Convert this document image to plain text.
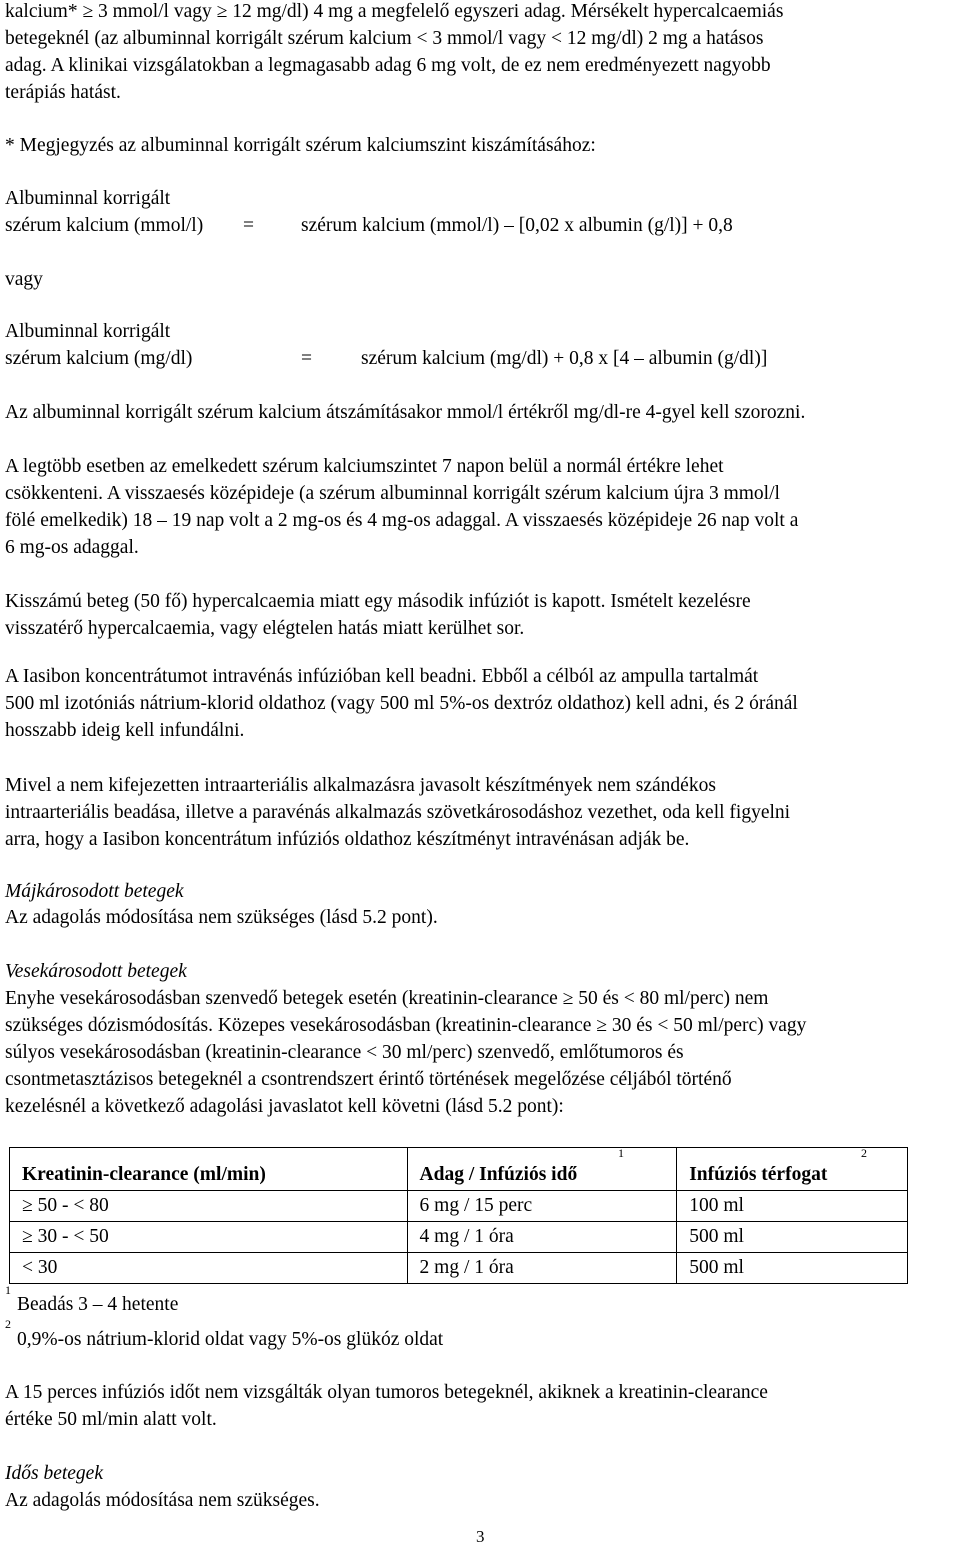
kalcium* ≥ 3 mmol/l vagy ≥ 12 mg/dl) 4 mg a megfelelő egyszeri adag. Mérsékelt hypercalcaemiás
betegeknél (az albuminnal korrigált szérum kalcium < 3 mmol/l vagy < 12 mg/dl) 2 mg a hatásos
adag. A klinikai vizsgálatokban a legmagasabb adag 6 mg volt, de ez nem eredményezett nagyobb
terápiás hatást.
* Megjegyzés az albuminnal korrigált szérum kalciumszint kiszámításához:
Albuminnal korrigált
szérum kalcium (mmol/l) = szérum kalcium (mmol/l) – [0,02 x albumin (g/l)] + 0,8
vagy
Albuminnal korrigált
szérum kalcium (mg/dl)	=	szérum kalcium (mg/dl) + 0,8 x [4 – albumin (g/dl)]
Az albuminnal korrigált szérum kalcium átszámításakor mmol/l értékről mg/dl-re 4-gyel kell szorozni.
A legtöbb esetben az emelkedett szérum kalciumszintet 7 napon belül a normál értékre lehet
csökkenteni. A visszaesés középideje (a szérum albuminnal korrigált szérum kalcium újra 3 mmol/l
fölé emelkedik) 18 – 19 nap volt a 2 mg-os és 4 mg-os adaggal. A visszaesés középideje 26 nap volt a
6 mg-os adaggal.
Kisszámú beteg (50 fő) hypercalcaemia miatt egy második infúziót is kapott. Ismételt kezelésre
visszatérő hypercalcaemia, vagy elégtelen hatás miatt kerülhet sor.
A Iasibon koncentrátumot intravénás infúzióban kell beadni. Ebből a célból az ampulla tartalmát
500 ml izotóniás nátrium-klorid oldathoz (vagy 500 ml 5%-os dextróz oldathoz) kell adni, és 2 óránál
hosszabb ideig kell infundálni.
Mivel a nem kifejezetten intraarteriális alkalmazásra javasolt készítmények nem szándékos
intraarteriális beadása, illetve a paravénás alkalmazás szövetkárosodáshoz vezethet, oda kell figyelni
arra, hogy a Iasibon koncentrátum infúziós oldathoz készítményt intravénásan adják be.
Májkárosodott betegek
Az adagolás módosítása nem szükséges (lásd 5.2 pont).
Vesekárosodott betegek
Enyhe vesekárosodásban szenvedő betegek esetén (kreatinin-clearance ≥ 50 és < 80 ml/perc) nem
szükséges dózismódosítás. Közepes vesekárosodásban (kreatinin-clearance ≥ 30 és < 50 ml/perc) vagy
súlyos vesekárosodásban (kreatinin-clearance < 30 ml/perc) szenvedő, emlőtumoros és
csontmetasztázisos betegeknél a csontrendszert érintő történések megelőzése céljából történő
kezelésnél a következő adagolási javaslatot kell követni (lásd 5.2 pont):
Kreatinin-clearance (ml/min)	Adag / Infúziós idő	Infúziós térfogat
≥ 50 - < 80	6 mg / 15 perc	100 ml
≥ 30 - < 50	4 mg / 1 óra	500 ml
< 30	2 mg / 1 óra	500 ml
1	2
1
Beadás 3 – 4 hetente
2
0,9%-os nátrium-klorid oldat vagy 5%-os glükóz oldat
A 15 perces infúziós időt nem vizsgálták olyan tumoros betegeknél, akiknek a kreatinin-clearance
értéke 50 ml/min alatt volt.
Idős betegek
Az adagolás módosítása nem szükséges.
3
